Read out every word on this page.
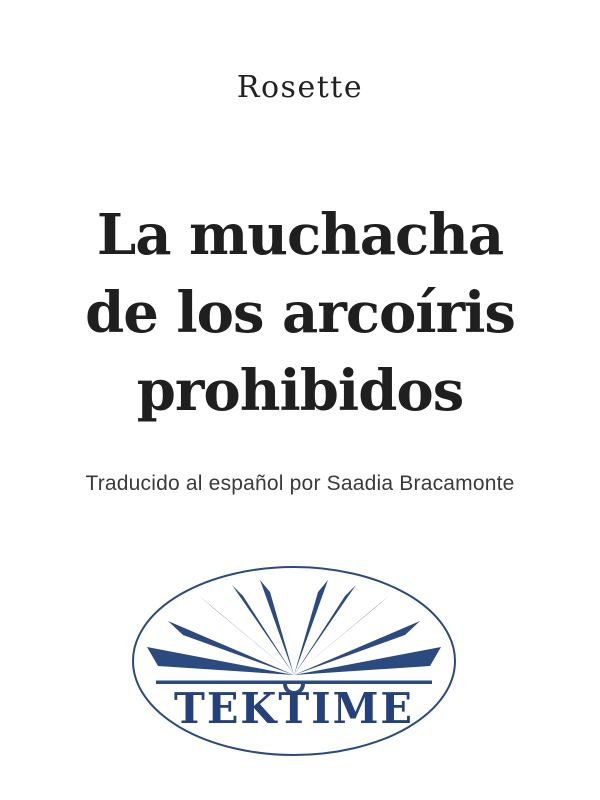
Rosette
La muchacha
de los arcoíris
prohibidos
Traducido al español por Saadia Bracamonte
TEKTIME
